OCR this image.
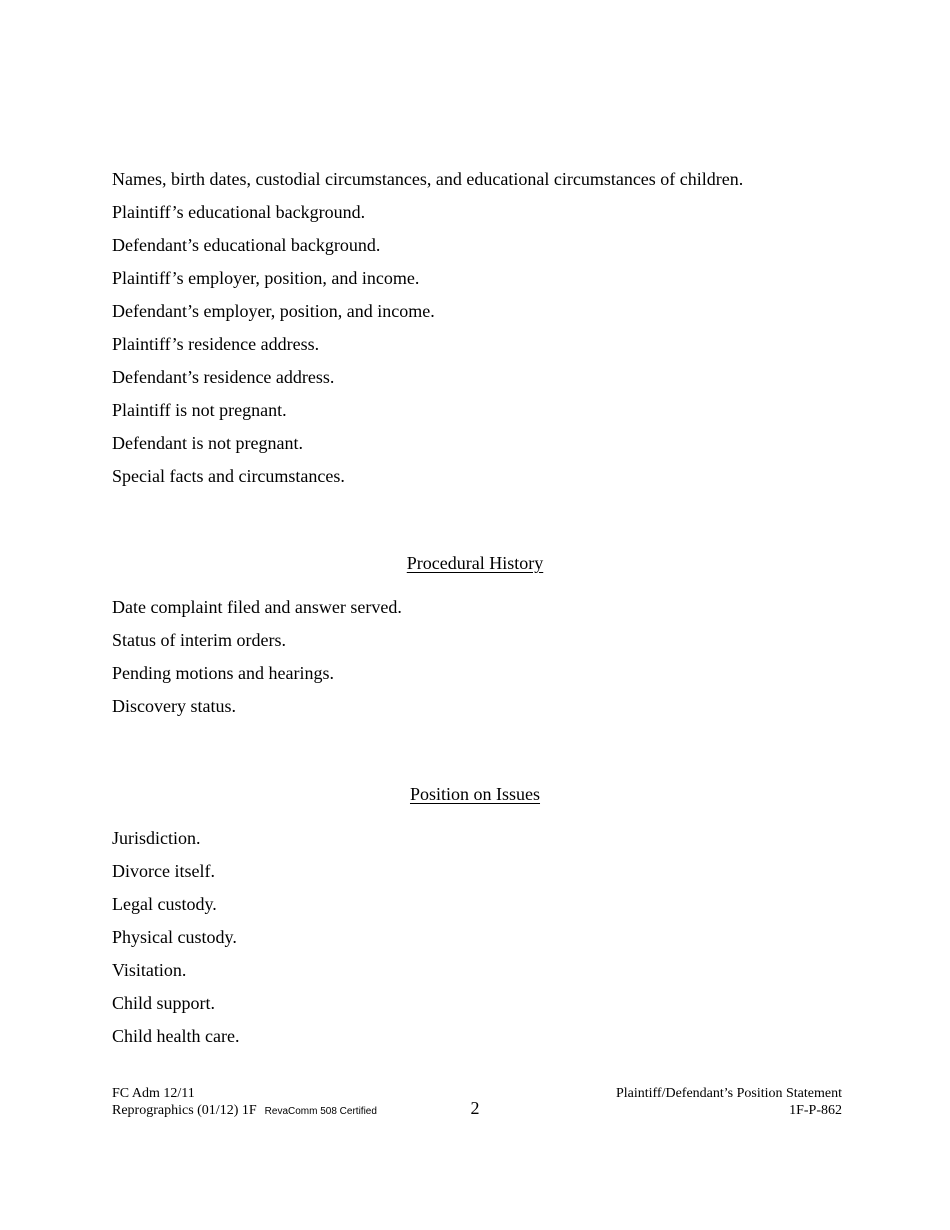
Names, birth dates, custodial circumstances, and educational circumstances of children.
Plaintiff’s educational background.
Defendant’s educational background.
Plaintiff’s employer, position, and income.
Defendant’s employer, position, and income.
Plaintiff’s residence address.
Defendant’s residence address.
Plaintiff is not pregnant.
Defendant is not pregnant.
Special facts and circumstances.
Procedural History
Date complaint filed and answer served.
Status of interim orders.
Pending motions and hearings.
Discovery status.
Position on Issues
Jurisdiction.
Divorce itself.
Legal custody.
Physical custody.
Visitation.
Child support.
Child health care.
FC Adm 12/11
Reprographics (01/12) 1F RevaComm 508 Certified	2
Plaintiff/Defendant’s Position Statement
1F-P-862
